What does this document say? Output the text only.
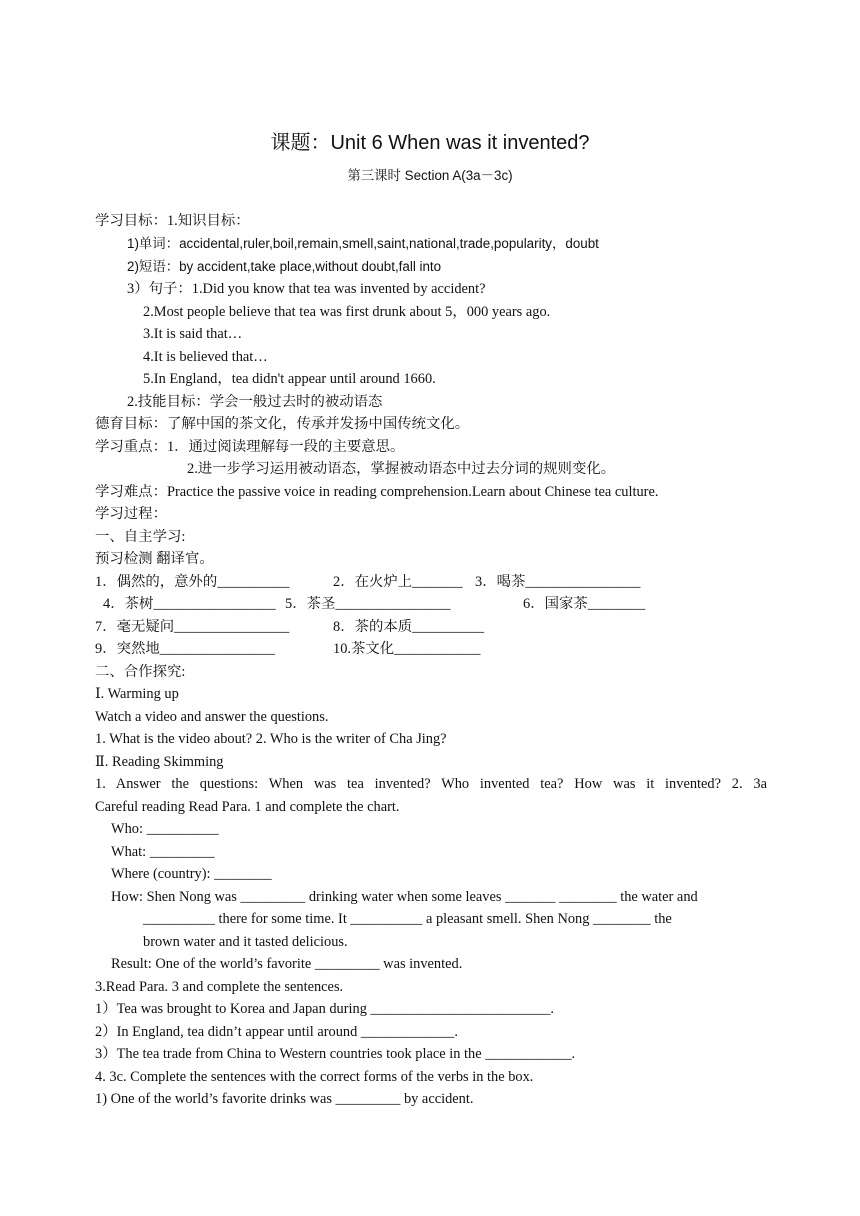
课题：Unit 6 When was it invented?
第三课时 Section A(3a－3c)
学习目标：1.知识目标：
1)单词：accidental,ruler,boil,remain,smell,saint,national,trade,popularity，doubt
2)短语：by accident,take place,without doubt,fall into
3）句子：1.Did you know that tea was invented by accident?
2.Most people believe that tea was first drunk about 5，000 years ago.
3.It is said that…
4.It is believed that…
5.In England，tea didn't appear until around 1660.
2.技能目标：学会一般过去时的被动语态
德育目标：了解中国的茶文化，传承并发扬中国传统文化。
学习重点：1．通过阅读理解每一段的主要意思。
2.进一步学习运用被动语态，掌握被动语态中过去分词的规则变化。
学习难点：Practice the passive voice in reading comprehension.Learn about Chinese tea culture.
学习过程：
一、自主学习:
预习检测 翻译官。
1．偶然的，意外的__________	2．在火炉上_______ 3．喝茶________________
4．茶树_________________ 5．茶圣________________	6．国家茶________
7．毫无疑问________________	8．茶的本质__________
9．突然地________________	10.茶文化____________
二、合作探究:
Ⅰ. Warming up
Watch a video and answer the questions.
1. What is the video about? 2. Who is the writer of Cha Jing?
Ⅱ. Reading Skimming
1. Answer the questions: When was tea invented? Who invented tea? How was it invented? 2. 3a
Careful reading Read Para. 1 and complete the chart.
Who: __________
What: _________
Where (country): ________
How: Shen Nong was _________ drinking water when some leaves _______ ________ the water and
__________ there for some time. It __________ a pleasant smell. Shen Nong ________ the
brown water and it tasted delicious.
Result: One of the world’s favorite _________ was invented.
3.Read Para. 3 and complete the sentences.
1）Tea was brought to Korea and Japan during _________________________.
2）In England, tea didn’t appear until around _____________.
3）The tea trade from China to Western countries took place in the ____________.
4. 3c. Complete the sentences with the correct forms of the verbs in the box.
1) One of the world’s favorite drinks was _________ by accident.
